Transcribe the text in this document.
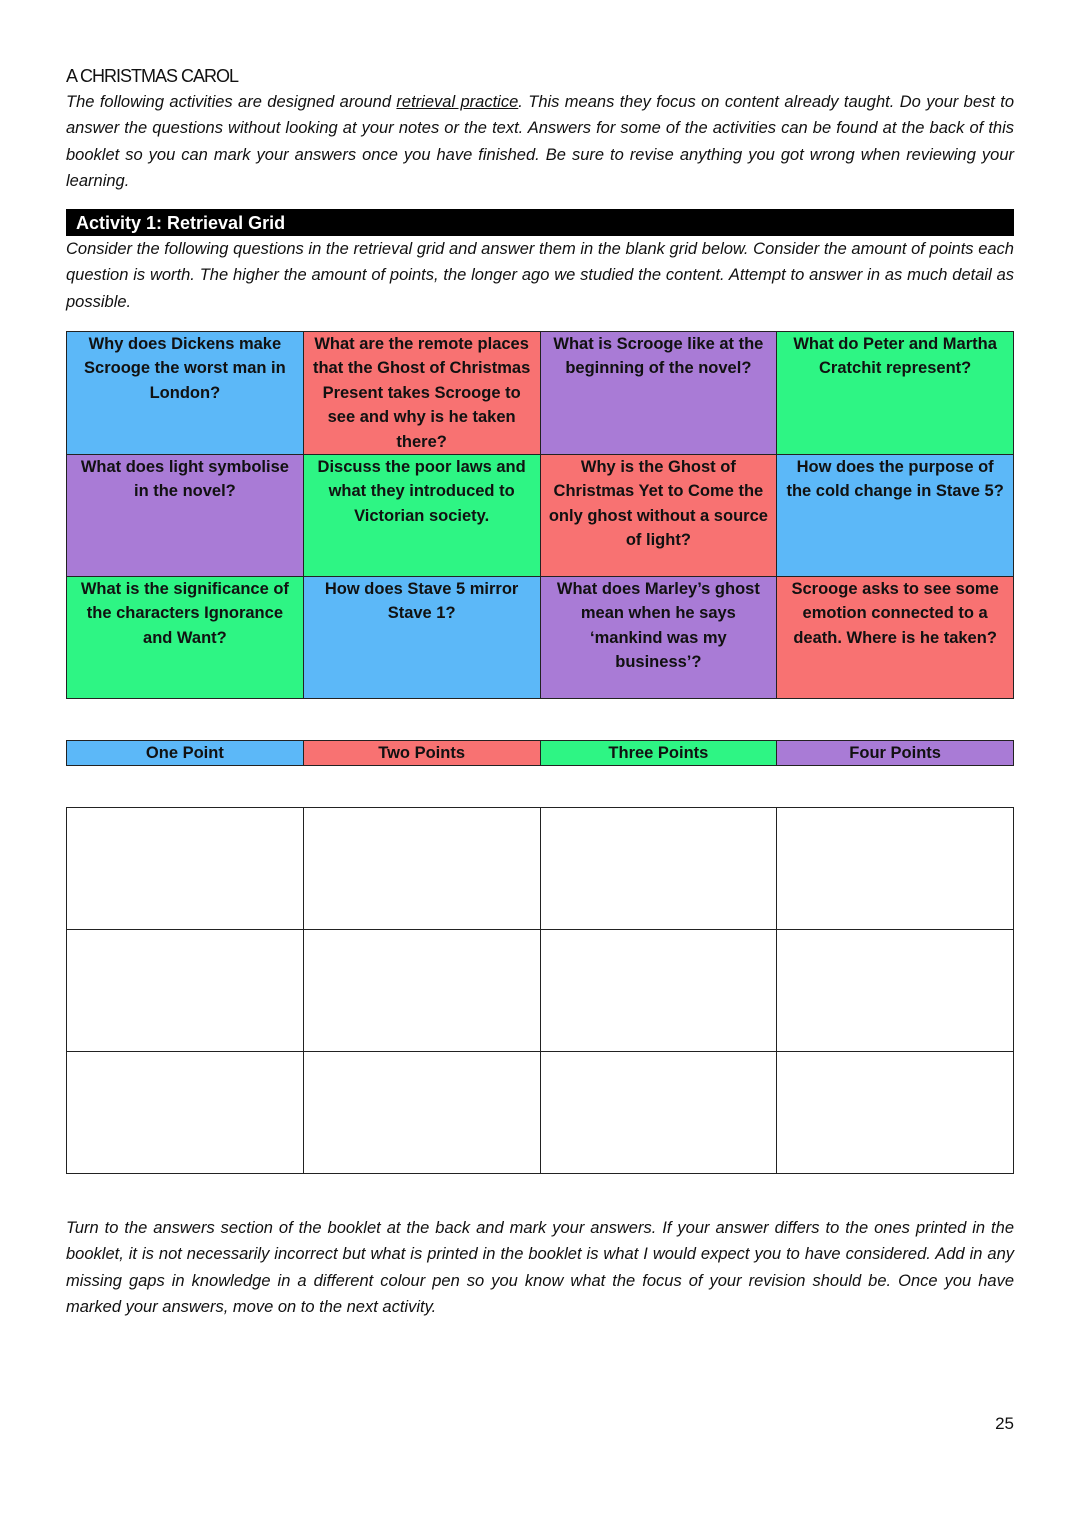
A CHRISTMAS CAROL
The following activities are designed around retrieval practice. This means they focus on content already taught. Do your best to answer the questions without looking at your notes or the text. Answers for some of the activities can be found at the back of this booklet so you can mark your answers once you have finished. Be sure to revise anything you got wrong when reviewing your learning.
Activity 1: Retrieval Grid
Consider the following questions in the retrieval grid and answer them in the blank grid below. Consider the amount of points each question is worth. The higher the amount of points, the longer ago we studied the content. Attempt to answer in as much detail as possible.
Why does Dickens make Scrooge the worst man in London?	What are the remote places that the Ghost of Christmas Present takes Scrooge to see and why is he taken there?	What is Scrooge like at the beginning of the novel?	What do Peter and Martha Cratchit represent?
What does light symbolise in the novel?	Discuss the poor laws and what they introduced to Victorian society.	Why is the Ghost of Christmas Yet to Come the only ghost without a source of light?	How does the purpose of the cold change in Stave 5?
What is the significance of the characters Ignorance and Want?	How does Stave 5 mirror Stave 1?	What does Marley’s ghost mean when he says ‘mankind was my business’?	Scrooge asks to see some emotion connected to a death. Where is he taken?
One Point	Two Points	Three Points	Four Points

Turn to the answers section of the booklet at the back and mark your answers. If your answer differs to the ones printed in the booklet, it is not necessarily incorrect but what is printed in the booklet is what I would expect you to have considered. Add in any missing gaps in knowledge in a different colour pen so you know what the focus of your revision should be. Once you have marked your answers, move on to the next activity.
25
